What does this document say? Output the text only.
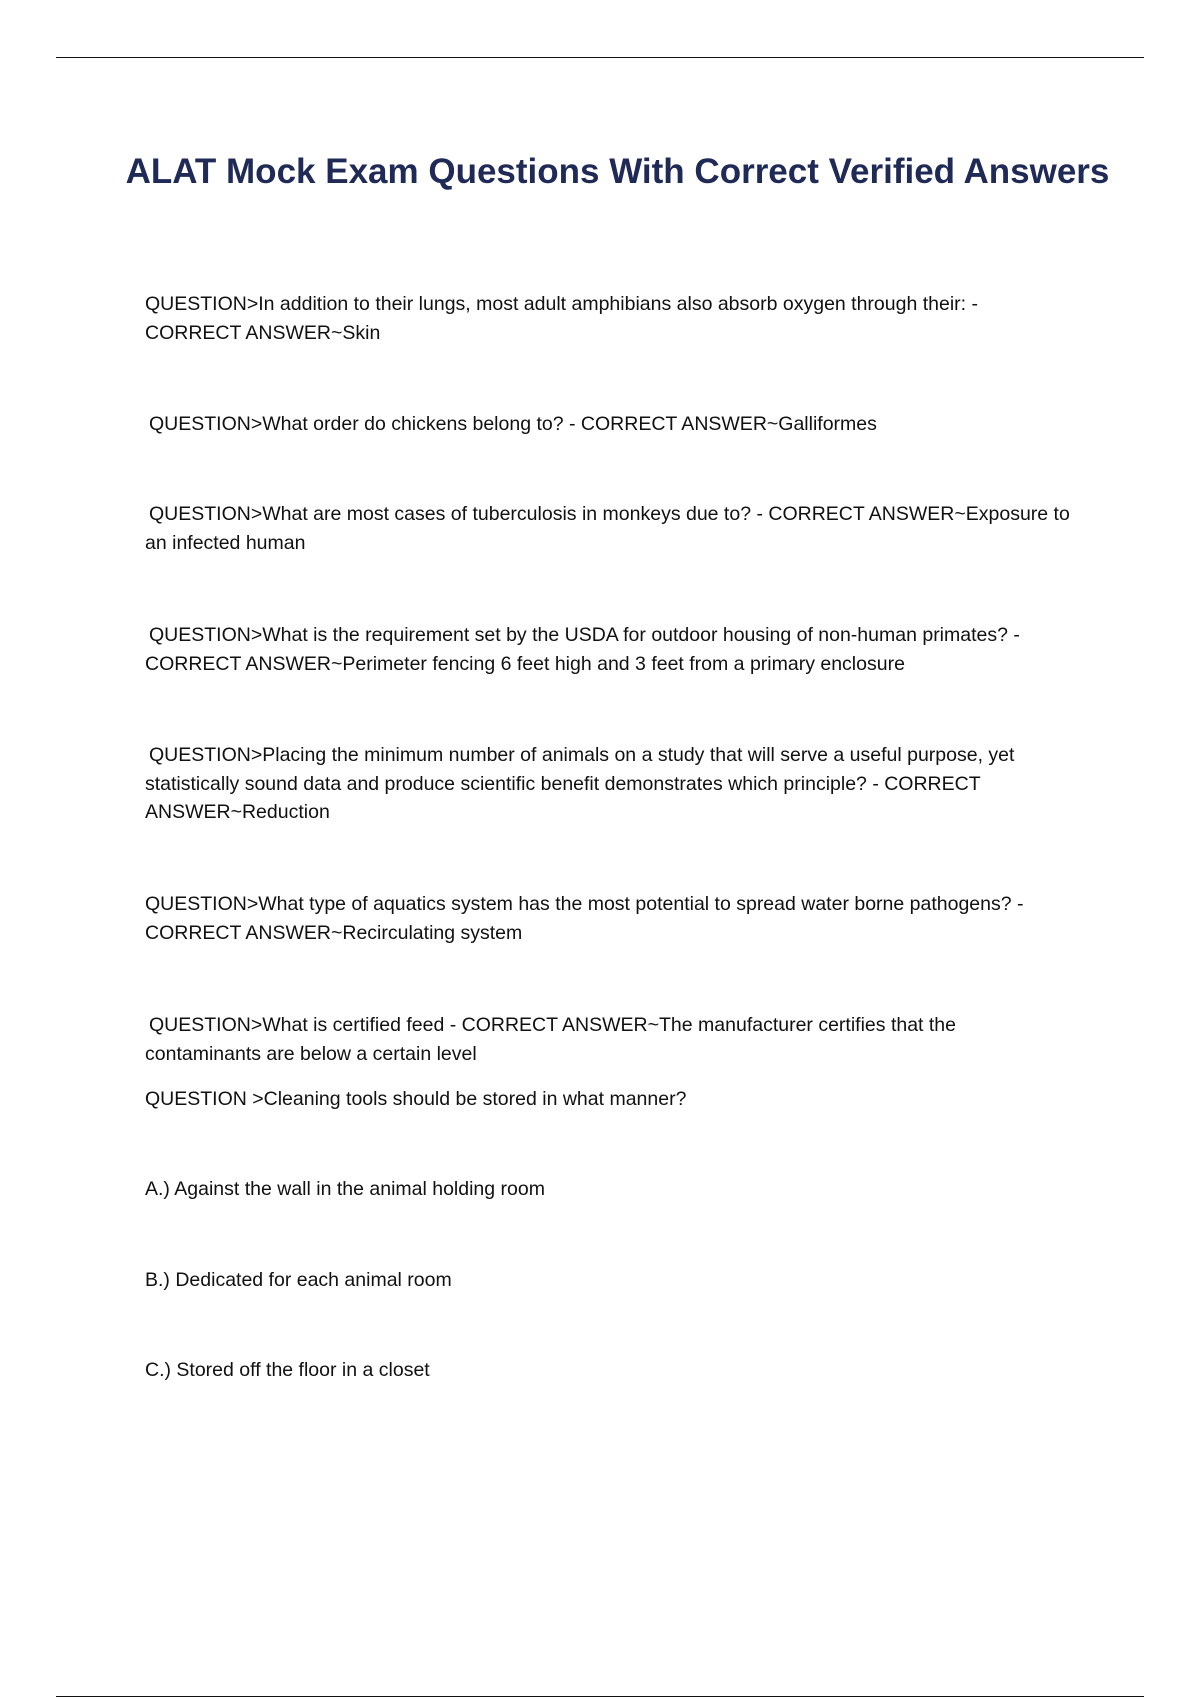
ALAT Mock Exam Questions With Correct Verified Answers

QUESTION>In addition to their lungs, most adult amphibians also absorb oxygen through their: - CORRECT ANSWER~Skin

QUESTION>What order do chickens belong to? - CORRECT ANSWER~Galliformes

QUESTION>What are most cases of tuberculosis in monkeys due to? - CORRECT ANSWER~Exposure to an infected human

QUESTION>What is the requirement set by the USDA for outdoor housing of non-human primates? - CORRECT ANSWER~Perimeter fencing 6 feet high and 3 feet from a primary enclosure

QUESTION>Placing the minimum number of animals on a study that will serve a useful purpose, yet statistically sound data and produce scientific benefit demonstrates which principle? - CORRECT ANSWER~Reduction

QUESTION>What type of aquatics system has the most potential to spread water borne pathogens? - CORRECT ANSWER~Recirculating system

QUESTION>What is certified feed - CORRECT ANSWER~The manufacturer certifies that the contaminants are below a certain level

QUESTION >Cleaning tools should be stored in what manner?

A.) Against the wall in the animal holding room

B.) Dedicated for each animal room

C.) Stored off the floor in a closet
